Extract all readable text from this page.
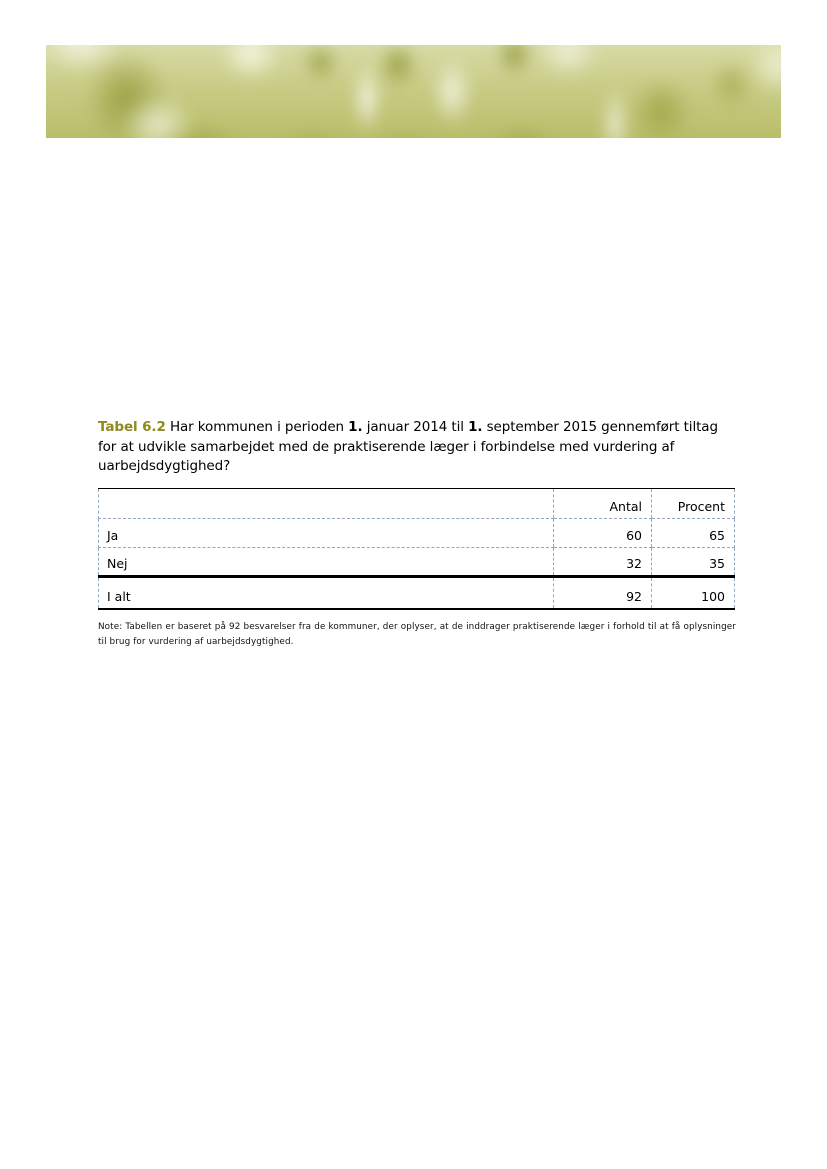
Tabel 6.2 Har kommunen i perioden 1. januar 2014 til 1. september 2015 gennemført tiltag for at udvikle samarbejdet med de praktiserende læger i forbindelse med vurdering af uarbejdsdygtighed?

	Antal	Procent
Ja	60	65
Nej	32	35
I alt	92	100

Note: Tabellen er baseret på 92 besvarelser fra de kommuner, der oplyser, at de inddrager praktiserende læger i forhold til at få oplysninger til brug for vurdering af uarbejdsdygtighed.
